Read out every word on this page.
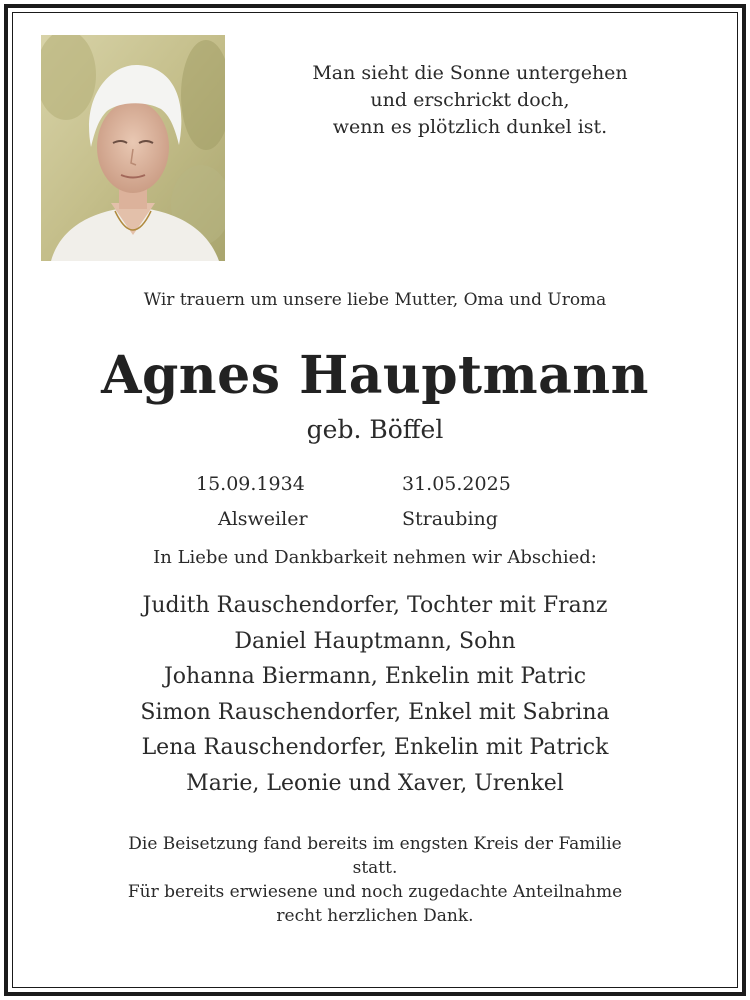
Man sieht die Sonne untergehen
und erschrickt doch,
wenn es plötzlich dunkel ist.
Wir trauern um unsere liebe Mutter, Oma und Uroma
Agnes Hauptmann
geb. Böffel
15.09.1934	31.05.2025
Alsweiler	Straubing
In Liebe und Dankbarkeit nehmen wir Abschied:
Judith Rauschendorfer, Tochter mit Franz
Daniel Hauptmann, Sohn
Johanna Biermann, Enkelin mit Patric
Simon Rauschendorfer, Enkel mit Sabrina
Lena Rauschendorfer, Enkelin mit Patrick
Marie, Leonie und Xaver, Urenkel
Die Beisetzung fand bereits im engsten Kreis der Familie
statt.
Für bereits erwiesene und noch zugedachte Anteilnahme
recht herzlichen Dank.
